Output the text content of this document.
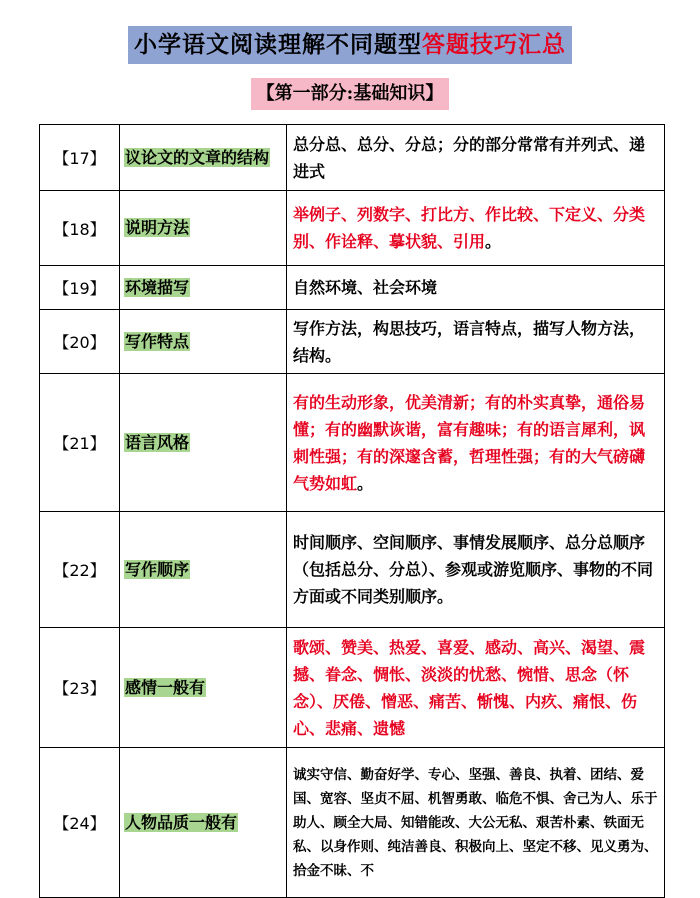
小学语文阅读理解不同题型答题技巧汇总
【第一部分:基础知识】
【17】	议论文的文章的结构	总分总、总分、分总；分的部分常常有并列式、递进式
【18】	说明方法	举例子、列数字、打比方、作比较、下定义、分类别、作诠释、摹状貌、引用。
【19】	环境描写	自然环境、社会环境
【20】	写作特点	写作方法，构思技巧，语言特点，描写人物方法，结构。
【21】	语言风格	有的生动形象，优美清新；有的朴实真挚，通俗易懂；有的幽默诙谐，富有趣味；有的语言犀利，讽刺性强；有的深邃含蓄，哲理性强；有的大气磅礴气势如虹。
【22】	写作顺序	时间顺序、空间顺序、事情发展顺序、总分总顺序（包括总分、分总）、参观或游览顺序、事物的不同方面或不同类别顺序。
【23】	感情一般有	歌颂、赞美、热爱、喜爱、感动、高兴、渴望、震撼、眷念、惆怅、淡淡的忧愁、惋惜、思念（怀念）、厌倦、憎恶、痛苦、惭愧、内疚、痛恨、伤心、悲痛、遗憾
【24】	人物品质一般有	诚实守信、勤奋好学、专心、坚强、善良、执着、团结、爱国、宽容、坚贞不屈、机智勇敢、临危不惧、舍己为人、乐于助人、顾全大局、知错能改、大公无私、艰苦朴素、铁面无私、以身作则、纯洁善良、积极向上、坚定不移、见义勇为、拾金不昧、不
